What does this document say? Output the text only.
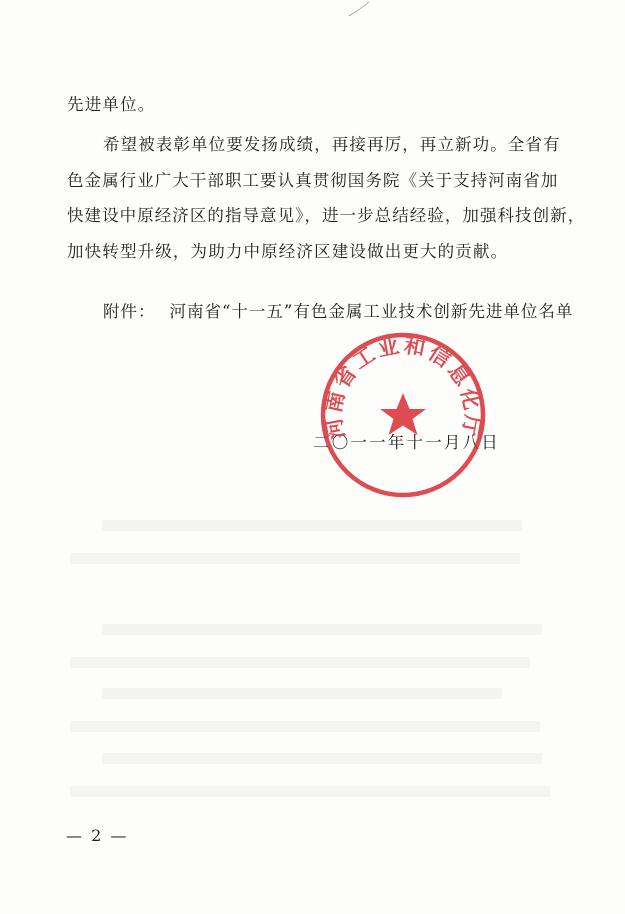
先进单位。
希望被表彰单位要发扬成绩，再接再厉，再立新功。全省有
色金属行业广大干部职工要认真贯彻国务院《关于支持河南省加
快建设中原经济区的指导意见》，进一步总结经验，加强科技创新，
加快转型升级，为助力中原经济区建设做出更大的贡献。
附件： 河南省“十一五”有色金属工业技术创新先进单位名单
二〇一一年十一月八日
河南省工业和信息化厅
— 2 —
